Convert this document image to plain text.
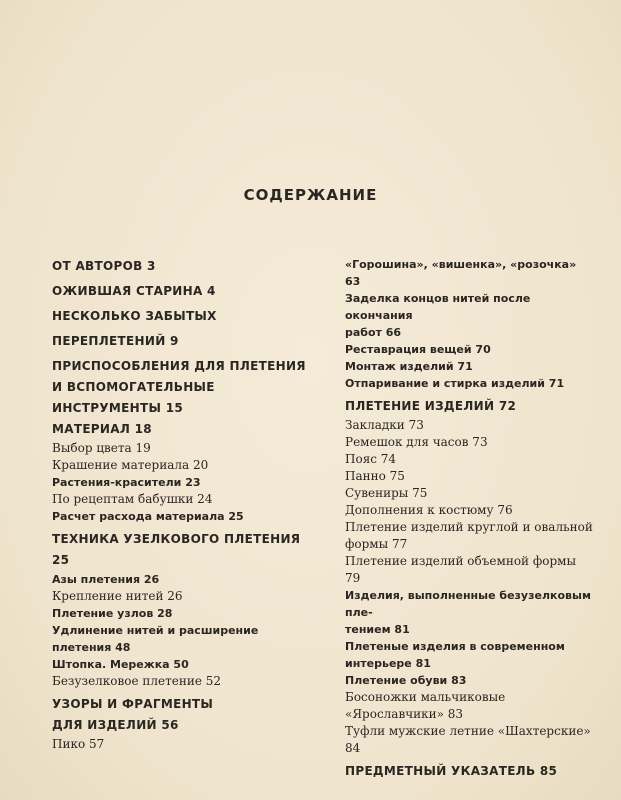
СОДЕРЖАНИЕ

ОТ АВТОРОВ 3

ОЖИВШАЯ СТАРИНА 4

НЕСКОЛЬКО ЗАБЫТЫХ

ПЕРЕПЛЕТЕНИЙ 9

ПРИСПОСОБЛЕНИЯ ДЛЯ ПЛЕТЕНИЯ

И ВСПОМОГАТЕЛЬНЫЕ

ИНСТРУМЕНТЫ 15

МАТЕРИАЛ 18

Выбор цвета 19

Крашение материала 20

Растения-красители 23

По рецептам бабушки 24

Расчет расхода материала 25

ТЕХНИКА УЗЕЛКОВОГО ПЛЕТЕНИЯ 25

Азы плетения 26

Крепление нитей 26

Плетение узлов 28

Удлинение нитей и расширение плетения 48

Штопка. Мережка 50

Безузелковое плетение 52

УЗОРЫ И ФРАГМЕНТЫ

ДЛЯ ИЗДЕЛИЙ 56

Пико 57

«Горошина», «вишенка», «розочка» 63

Заделка концов нитей после окончания

работ 66

Реставрация вещей 70

Монтаж изделий 71

Отпаривание и стирка изделий 71

ПЛЕТЕНИЕ ИЗДЕЛИЙ 72

Закладки 73

Ремешок для часов 73

Пояс 74

Панно 75

Сувениры 75

Дополнения к костюму 76

Плетение изделий круглой и овальной

формы 77

Плетение изделий объемной формы 79

Изделия, выполненные безузелковым пле-

тением 81

Плетеные изделия в современном

интерьере 81

Плетение обуви 83

Босоножки мальчиковые «Ярославчики» 83

Туфли мужские летние «Шахтерские» 84

ПРЕДМЕТНЫЙ УКАЗАТЕЛЬ 85
